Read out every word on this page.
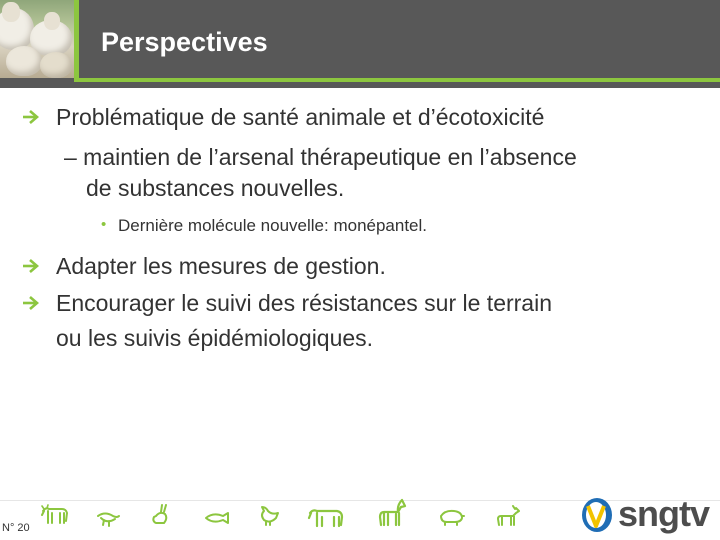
Perspectives
Problématique de santé animale et d’écotoxicité
– maintien de l’arsenal thérapeutique en l’absence
de substances nouvelles.
• Dernière molécule nouvelle: monépantel.
Adapter les mesures de gestion.
Encourager le suivi des résistances sur le terrain
ou les suivis épidémiologiques.
N° 20	sngtv
